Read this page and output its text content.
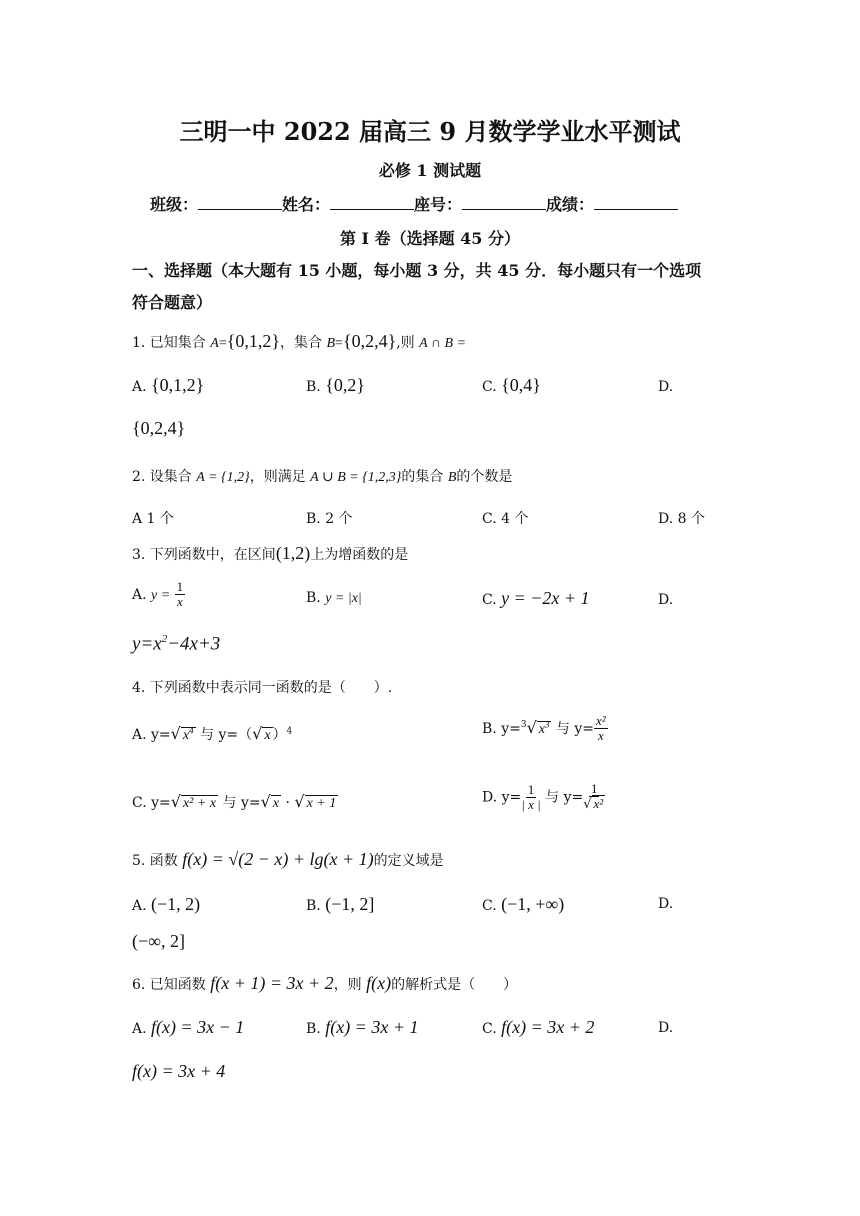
三明一中 2022 届高三 9 月数学学业水平测试
必修 1 测试题
班级：	姓名：	座号：	成绩：
第 I 卷（选择题 45 分）
一、选择题（本大题有 15 小题，每小题 3 分，共 45 分．每小题只有一个选项
符合题意）
1. 已知集合 A={0,1,2}，集合 B={0,2,4},则 A ∩ B =
A. {0,1,2}	B. {0,2}	C. {0,4}	D.
{0,2,4}
2. 设集合 A = {1,2}，则满足 A ∪ B = {1,2,3}的集合 B的个数是
A 1 个	B. 2 个	C. 4 个	D. 8 个
3. 下列函数中，在区间(1,2)上为增函数的是
A. $y = \frac{1}{x}$	B. y = |x|	C. y = −2x + 1	D.
$y=x^2-4x+3$
4. 下列函数中表示同一函数的是（　　）.
A. y=√ $x^4$ 与 y=（√ x ）$^4$	B. y=$^3$√ $x^3$ 与 $y= \frac{\text{x²}}{x}$
C. y=√ x² + x 与 y=√ x · √ x + 1	D. $y= \frac{1}{| x |}$ 与 $y= \frac{1}{\text{√ x²}}$
5. 函数 f(x) = √(2 − x) + lg(x + 1)的定义域是
A. (−1, 2)	B. (−1, 2]	C. (−1, +∞)	D.
(−∞, 2]
6. 已知函数 f(x + 1) = 3x + 2，则 f(x)的解析式是（　　）
A. f(x) = 3x − 1	B. f(x) = 3x + 1	C. f(x) = 3x + 2	D.
f(x) = 3x + 4
